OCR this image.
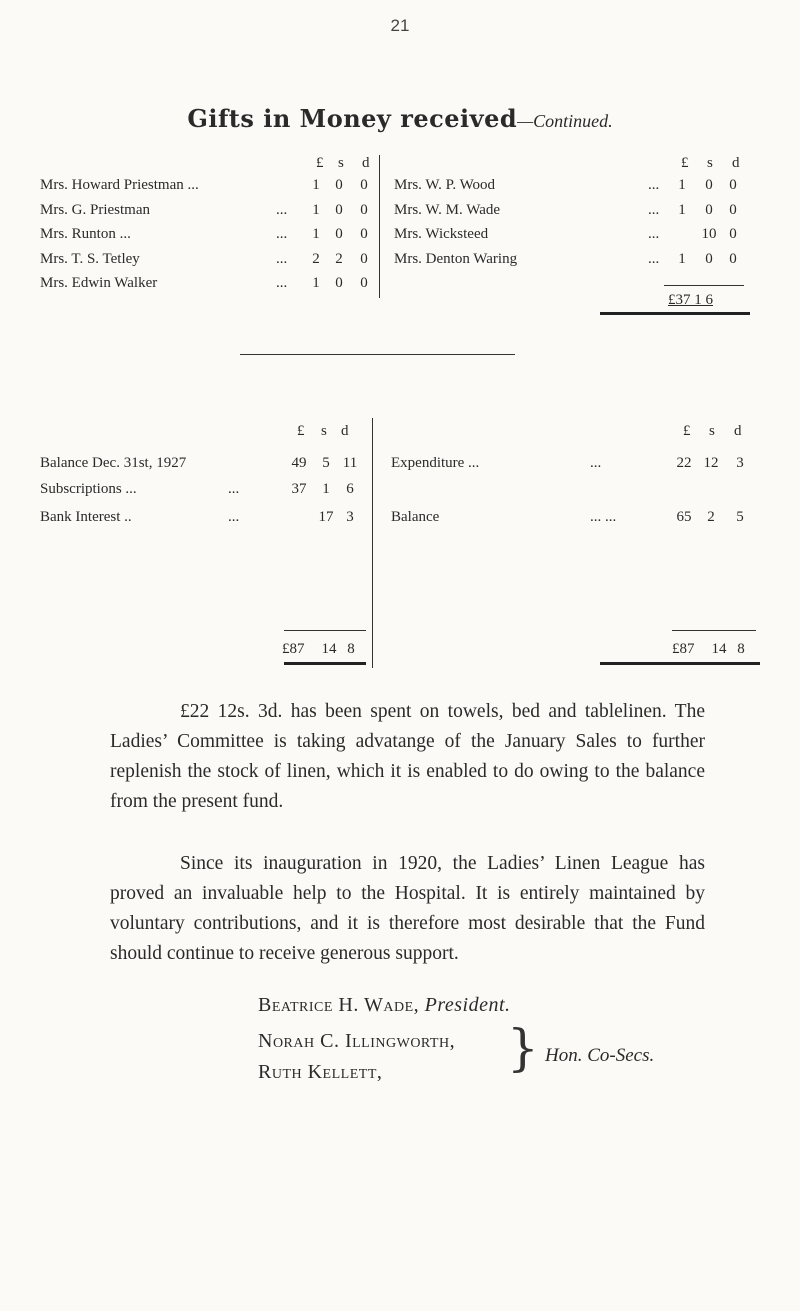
21
Gifts in Money received—Continued.
£ s d	£ s d
Mrs. Howard Priestman ...	1	0	0
Mrs. G. Priestman	...	1	0	0
Mrs. Runton ...	...	1	0	0
Mrs. T. S. Tetley	...	2	2	0
Mrs. Edwin Walker	...	1	0	0
Mrs. W. P. Wood	...	1	0	0
Mrs. W. M. Wade	...	1	0	0
Mrs. Wicksteed	...	10 0
Mrs. Denton Waring	...	1	0	0
£37 1 6
£ s d	£ s d
Balance Dec. 31st, 1927	49	5 11
Subscriptions ...	...	37	1	6
Bank Interest ..	...	17 3
Expenditure ...	...	22 12	3
Balance	... ...	65	2	5
£87	14 8	£87	14 8

£22 12s. 3d. has been spent on towels, bed and tablelinen. The Ladies’ Committee is taking advatange of the January Sales to further replenish the stock of linen, which it is enabled to do owing to the balance from the present fund.

Since its inauguration in 1920, the Ladies’ Linen League has proved an invaluable help to the Hospital. It is entirely maintained by voluntary contributions, and it is therefore most desirable that the Fund should continue to receive generous support.

Beatrice H. Wade, President.
Norah C. Illingworth,
Ruth Kellett, } Hon. Co-Secs.
